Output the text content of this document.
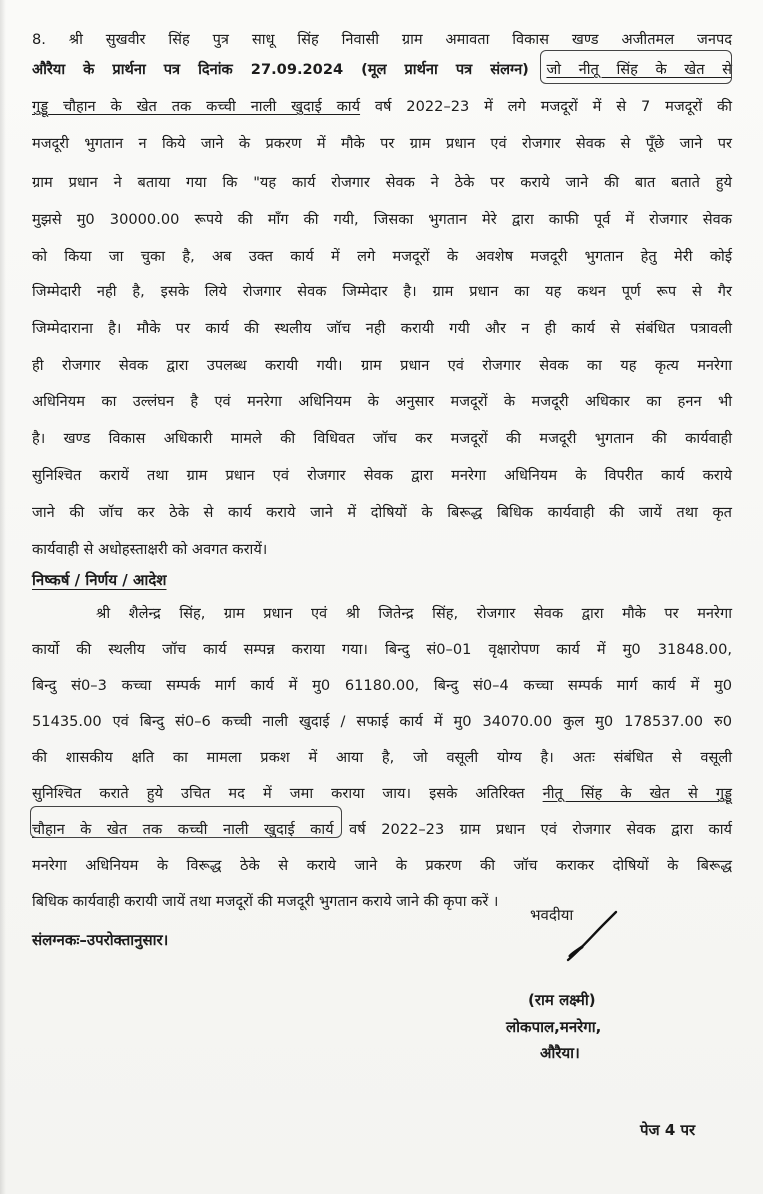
8. श्री सुखवीर सिंह पुत्र साधू सिंह निवासी ग्राम अमावता विकास खण्ड अजीतमल जनपद
औरैया के प्रार्थना पत्र दिनांक 27.09.2024 (मूल प्रार्थना पत्र संलग्न) जो नीतू सिंह के खेत से
गुड्डू चौहान के खेत तक कच्ची नाली खुदाई कार्य वर्ष 2022–23 में लगे मजदूरों में से 7 मजदूरों की
मजदूरी भुगतान न किये जाने के प्रकरण में मौके पर ग्राम प्रधान एवं रोजगार सेवक से पूँछे जाने पर
ग्राम प्रधान ने बताया गया कि "यह कार्य रोजगार सेवक ने ठेके पर कराये जाने की बात बताते हुये
मुझसे मु0 30000.00 रूपये की मॉंग की गयी, जिसका भुगतान मेरे द्वारा काफी पूर्व में रोजगार सेवक
को किया जा चुका है, अब उक्त कार्य में लगे मजदूरों के अवशेष मजदूरी भुगतान हेतु मेरी कोई
जिम्मेदारी नही है, इसके लिये रोजगार सेवक जिम्मेदार है। ग्राम प्रधान का यह कथन पूर्ण रूप से गैर
जिम्मेदाराना है। मौके पर कार्य की स्थलीय जॉच नही करायी गयी और न ही कार्य से संबंधित पत्रावली
ही रोजगार सेवक द्वारा उपलब्ध करायी गयी। ग्राम प्रधान एवं रोजगार सेवक का यह कृत्य मनरेगा
अधिनियम का उल्लंघन है एवं मनरेगा अधिनियम के अनुसार मजदूरों के मजदूरी अधिकार का हनन भी
है। खण्ड विकास अधिकारी मामले की विधिवत जॉच कर मजदूरों की मजदूरी भुगतान की कार्यवाही
सुनिश्चित करायें तथा ग्राम प्रधान एवं रोजगार सेवक द्वारा मनरेगा अधिनियम के विपरीत कार्य कराये
जाने की जॉच कर ठेके से कार्य कराये जाने में दोषियों के बिरूद्ध बिधिक कार्यवाही की जायें तथा कृत
कार्यवाही से अधोहस्ताक्षरी को अवगत करायें।
निष्कर्ष / निर्णय / आदेश
श्री शैलेन्द्र सिंह, ग्राम प्रधान एवं श्री जितेन्द्र सिंह, रोजगार सेवक द्वारा मौके पर मनरेगा
कार्यो की स्थलीय जॉच कार्य सम्पन्न कराया गया। बिन्दु सं0–01 वृक्षारोपण कार्य में मु0 31848.00,
बिन्दु सं0–3 कच्चा सम्पर्क मार्ग कार्य में मु0 61180.00, बिन्दु सं0–4 कच्चा सम्पर्क मार्ग कार्य में मु0
51435.00 एवं बिन्दु सं0–6 कच्ची नाली खुदाई / सफाई कार्य में मु0 34070.00 कुल मु0 178537.00 रु0
की शासकीय क्षति का मामला प्रकश में आया है, जो वसूली योग्य है। अतः संबंधित से वसूली
सुनिश्चित कराते हुये उचित मद में जमा कराया जाय। इसके अतिरिक्त नीतू सिंह के खेत से गुड्डू
चौहान के खेत तक कच्ची नाली खुदाई कार्य वर्ष 2022–23 ग्राम प्रधान एवं रोजगार सेवक द्वारा कार्य
मनरेगा अधिनियम के विरूद्ध ठेके से कराये जाने के प्रकरण की जॉच कराकर दोषियों के बिरूद्ध
बिधिक कार्यवाही करायी जायें तथा मजदूरों की मजदूरी भुगतान कराये जाने की कृपा करें ।
संलग्नकः–उपरोक्तानुसार।
भवदीया
(राम लक्ष्मी)
लोकपाल,मनरेगा,
औरैया।
पेज 4 पर
